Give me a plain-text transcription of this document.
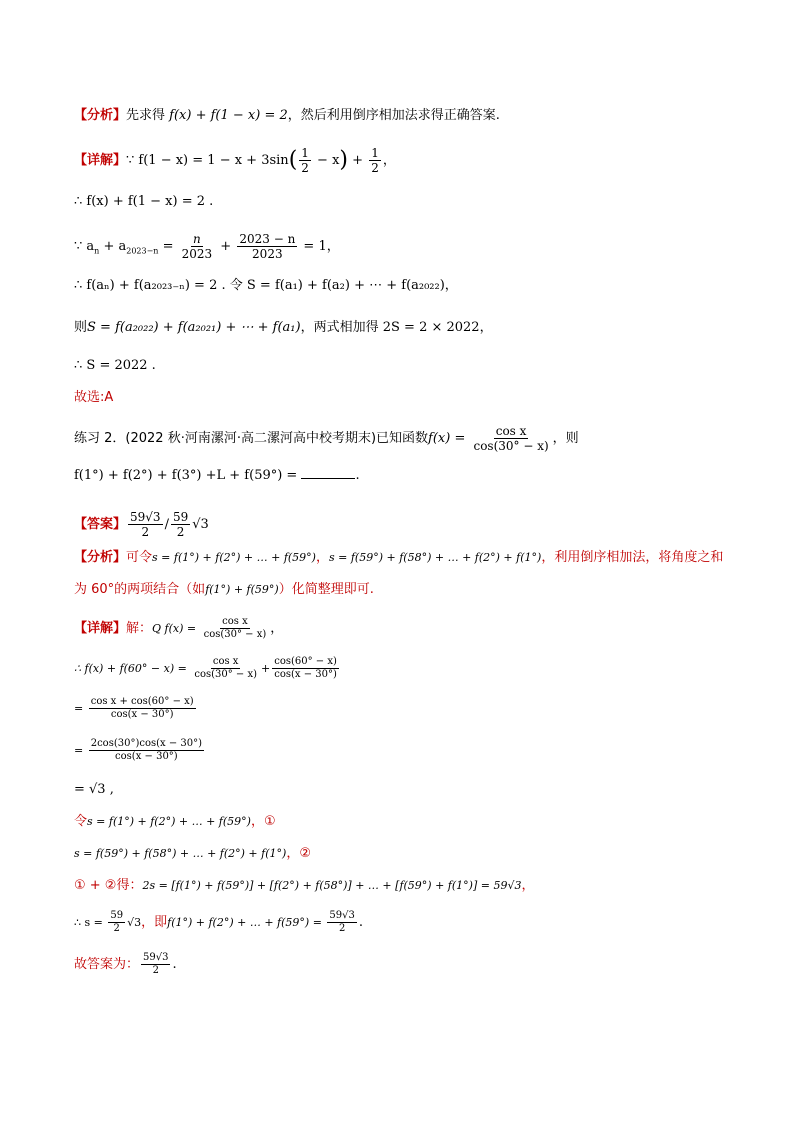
【分析】先求得 f(x) + f(1 − x) = 2，然后利用倒序相加法求得正确答案.
【详解】∵ $f(1 - x) = 1 - x + 3\sin( \frac{1}{2} - x) + \frac{1}{2}$ ，
∴ f(x) + f(1 − x) = 2 .
∵ $a_n + a_{2023-n} = \frac{n}{2023} + \frac{2023 - n}{2023} = 1$，
∴ f(aₙ) + f(a₂₀₂₃₋ₙ) = 2 . 令 S = f(a₁) + f(a₂) + ⋯ + f(a₂₀₂₂)，
则S = f(a₂₀₂₂) + f(a₂₀₂₁) + ⋯ + f(a₁)，两式相加得 2S = 2 × 2022，
∴ S = 2022 .
故选:A
练习 2．(2022 秋·河南漯河·高二漯河高中校考期末)已知函数$f(x) = \frac{\text{cos x}}{\cos(30^\circ - x)}$ ，则
f(1°) + f(2°) + f(3°) +L + f(59°) =	.
【答案】 $\frac{59√3}{2} / \frac{59}{2} √3$
【分析】可令s = f(1°) + f(2°) + … + f(59°)，s = f(59°) + f(58°) + … + f(2°) + f(1°)，利用倒序相加法，将角度之和
为 60°的两项结合（如f(1°) + f(59°)）化简整理即可.
【详解】解：Q $f(x) = \frac{\text{cos x}}{\cos(30^\circ - x)}$ ，
∴ $f(x) + f(60^\circ - x) = \frac{\text{cos x}}{\cos(30^\circ - x)} + \frac{\cos(60^\circ - x)}{\cos(x - 30^\circ)}$
= $\frac{\text{cos x + cos(60° − x)}}{\cos(x - 30^\circ)}$
= $\frac{2\cos(30^\circ)\cos(x - 30^\circ)}{\cos(x - 30^\circ)}$
= √3 ,
令s = f(1°) + f(2°) + … + f(59°)，①
s = f(59°) + f(58°) + … + f(2°) + f(1°)，②
① + ②得：2s = [f(1°) + f(59°)] + [f(2°) + f(58°)] + … + [f(59°) + f(1°)] = 59√3，
∴ $s = \frac{59}{2} √3$，即f(1°) + f(2°) + … + $f(59^\circ) = \frac{59√3}{2}$ .
故答案为： $\frac{59√3}{2}$ .
